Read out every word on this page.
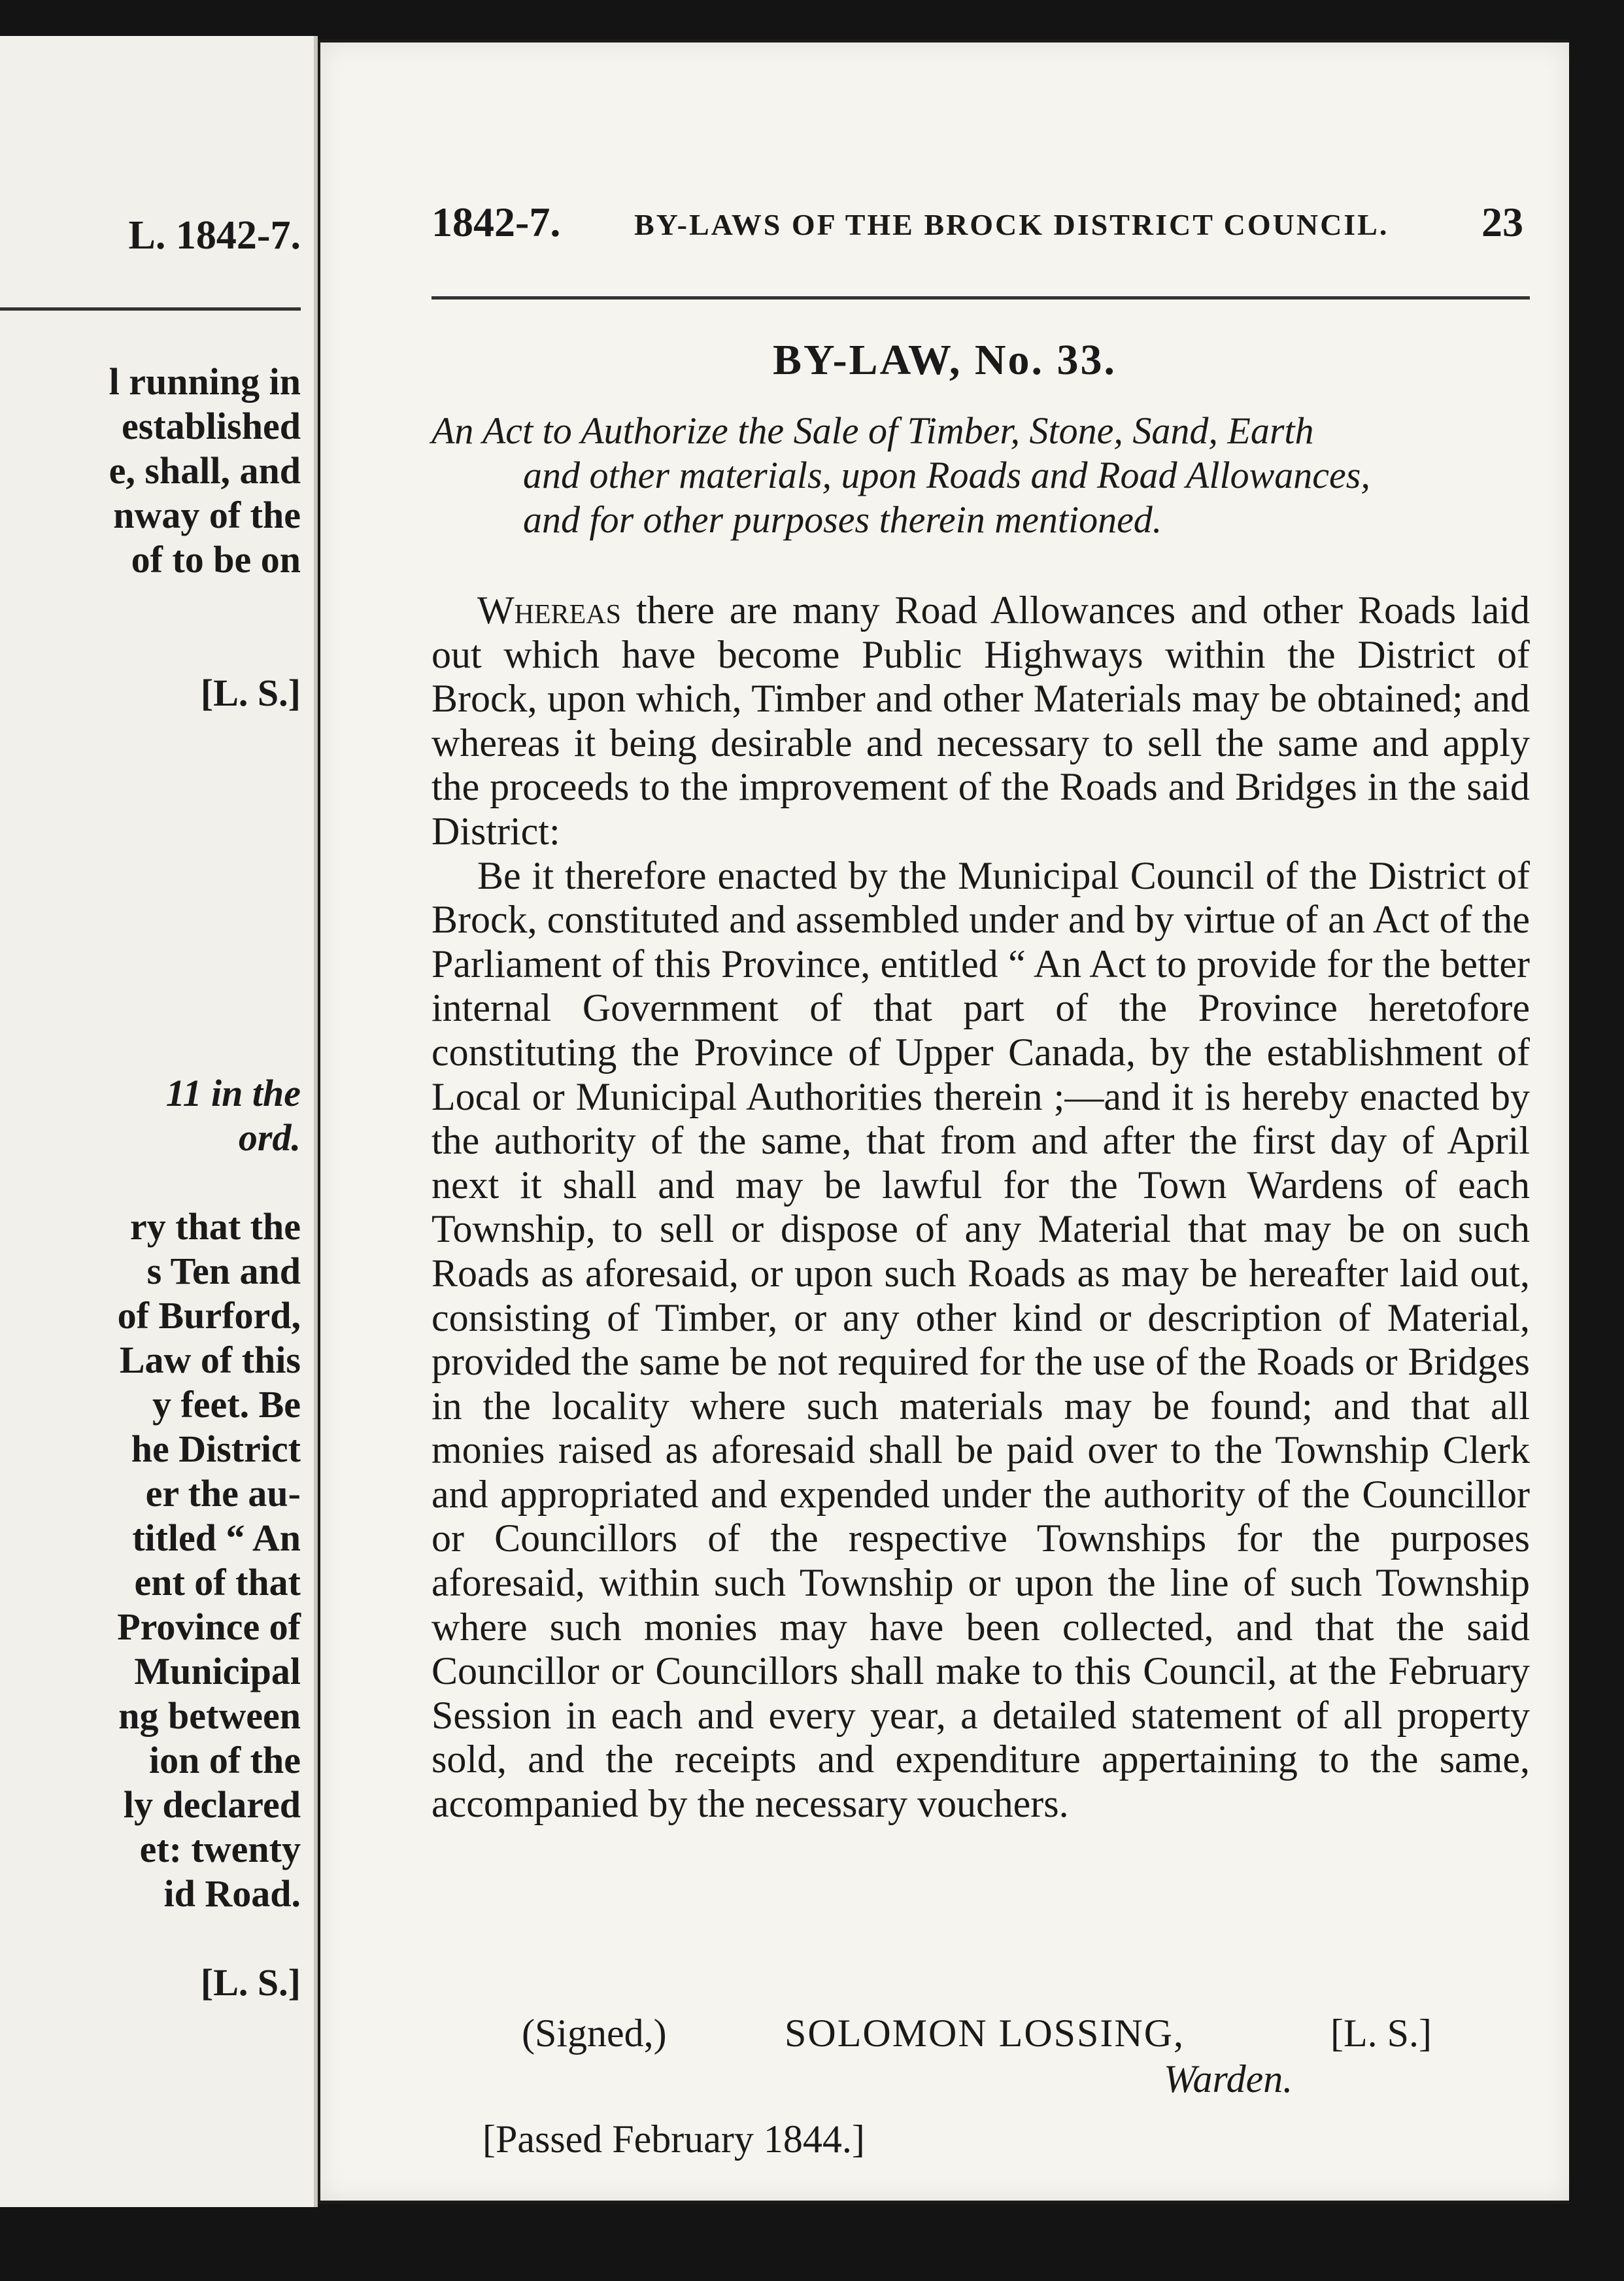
L. 1842-7.
l running in
established
e, shall, and
nway of the
of to be on

[L. S.]

11 in the
ord.

ry that the
s Ten and
of Burford,
Law of this
y feet. Be
he District
er the au-
titled “ An
ent of that
Province of
Municipal
ng between
ion of the
ly declared
et: twenty
id Road.

[L. S.]
1842-7. BY-LAWS OF THE BROCK DISTRICT COUNCIL. 23
BY-LAW, No. 33.
An Act to Authorize the Sale of Timber, Stone, Sand, Earth
and other materials, upon Roads and Road Allowances,
and for other purposes therein mentioned.

Whereas there are many Road Allowances and other Roads laid out which have become Public Highways within the District of Brock, upon which, Timber and other Materials may be obtained; and whereas it being desirable and necessary to sell the same and apply the proceeds to the improvement of the Roads and Bridges in the said District:

Be it therefore enacted by the Municipal Council of the District of Brock, constituted and assembled under and by virtue of an Act of the Parliament of this Province, entitled “ An Act to provide for the better internal Government of that part of the Province heretofore constituting the Province of Upper Canada, by the establishment of Local or Municipal Authorities therein ;—and it is hereby enacted by the authority of the same, that from and after the first day of April next it shall and may be lawful for the Town Wardens of each Township, to sell or dispose of any Material that may be on such Roads as aforesaid, or upon such Roads as may be hereafter laid out, consisting of Timber, or any other kind or description of Material, provided the same be not required for the use of the Roads or Bridges in the locality where such materials may be found; and that all monies raised as aforesaid shall be paid over to the Township Clerk and appropriated and expended under the authority of the Councillor or Councillors of the respective Townships for the purposes aforesaid, within such Township or upon the line of such Township where such monies may have been collected, and that the said Councillor or Councillors shall make to this Council, at the February Session in each and every year, a detailed statement of all property sold, and the receipts and expenditure appertaining to the same, accompanied by the necessary vouchers.

(Signed,)	SOLOMON LOSSING,	[L. S.]
Warden.
[Passed February 1844.]
